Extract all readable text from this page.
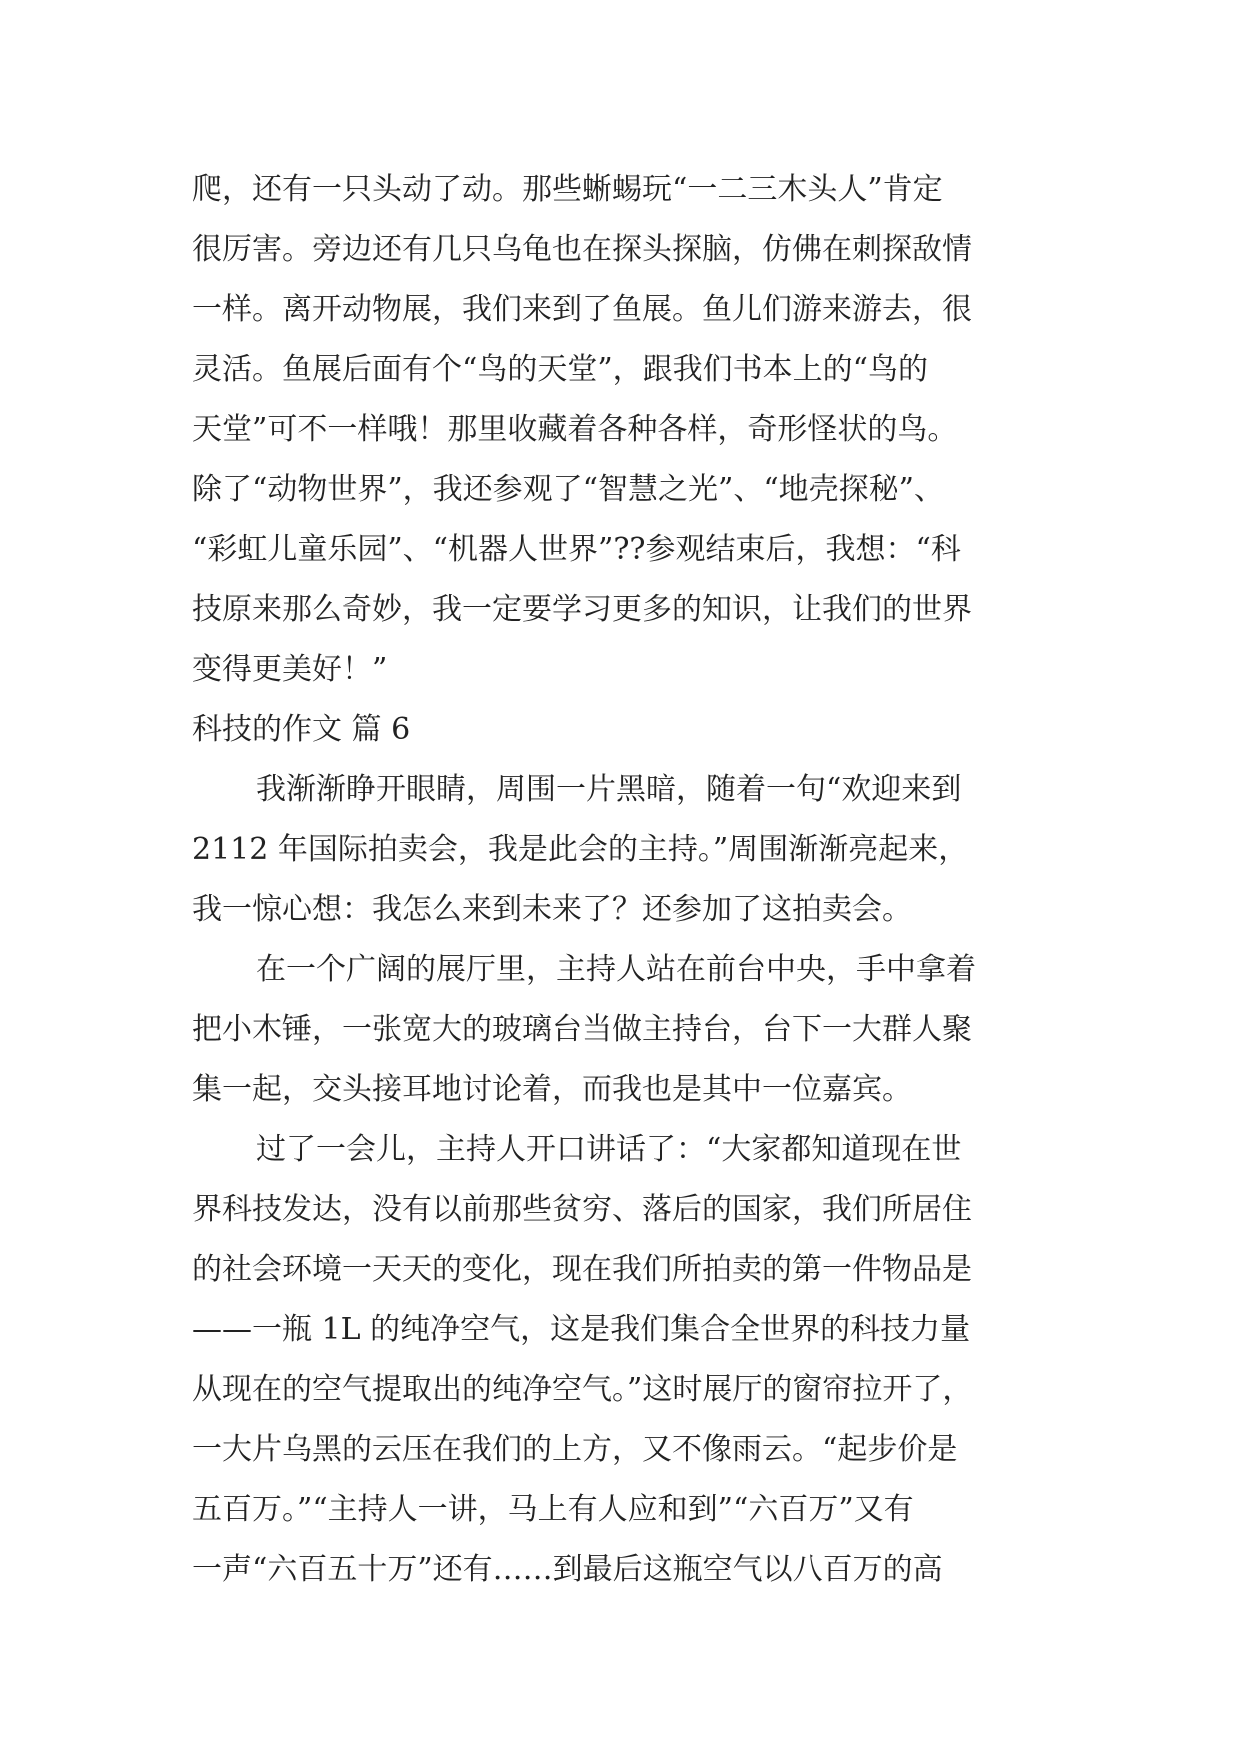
爬，还有一只头动了动。那些蜥蜴玩“一二三木头人”肯定
很厉害。旁边还有几只乌龟也在探头探脑，仿佛在刺探敌情
一样。离开动物展，我们来到了鱼展。鱼儿们游来游去，很
灵活。鱼展后面有个“鸟的天堂”，跟我们书本上的“鸟的
天堂”可不一样哦！那里收藏着各种各样，奇形怪状的鸟。
除了“动物世界”，我还参观了“智慧之光”、“地壳探秘”、
“彩虹儿童乐园”、“机器人世界”??参观结束后，我想：“科
技原来那么奇妙，我一定要学习更多的知识，让我们的世界
变得更美好！”
科技的作文 篇 6
我渐渐睁开眼睛，周围一片黑暗，随着一句“欢迎来到
2112 年国际拍卖会，我是此会的主持。”周围渐渐亮起来，
我一惊心想：我怎么来到未来了？还参加了这拍卖会。
在一个广阔的展厅里，主持人站在前台中央，手中拿着
把小木锤，一张宽大的玻璃台当做主持台，台下一大群人聚
集一起，交头接耳地讨论着，而我也是其中一位嘉宾。
过了一会儿，主持人开口讲话了：“大家都知道现在世
界科技发达，没有以前那些贫穷、落后的国家，我们所居住
的社会环境一天天的变化，现在我们所拍卖的第一件物品是
——一瓶 1L 的纯净空气，这是我们集合全世界的科技力量
从现在的空气提取出的纯净空气。”这时展厅的窗帘拉开了，
一大片乌黑的云压在我们的上方，又不像雨云。“起步价是
五百万。”“主持人一讲，马上有人应和到”“六百万”又有
一声“六百五十万”还有……到最后这瓶空气以八百万的高
